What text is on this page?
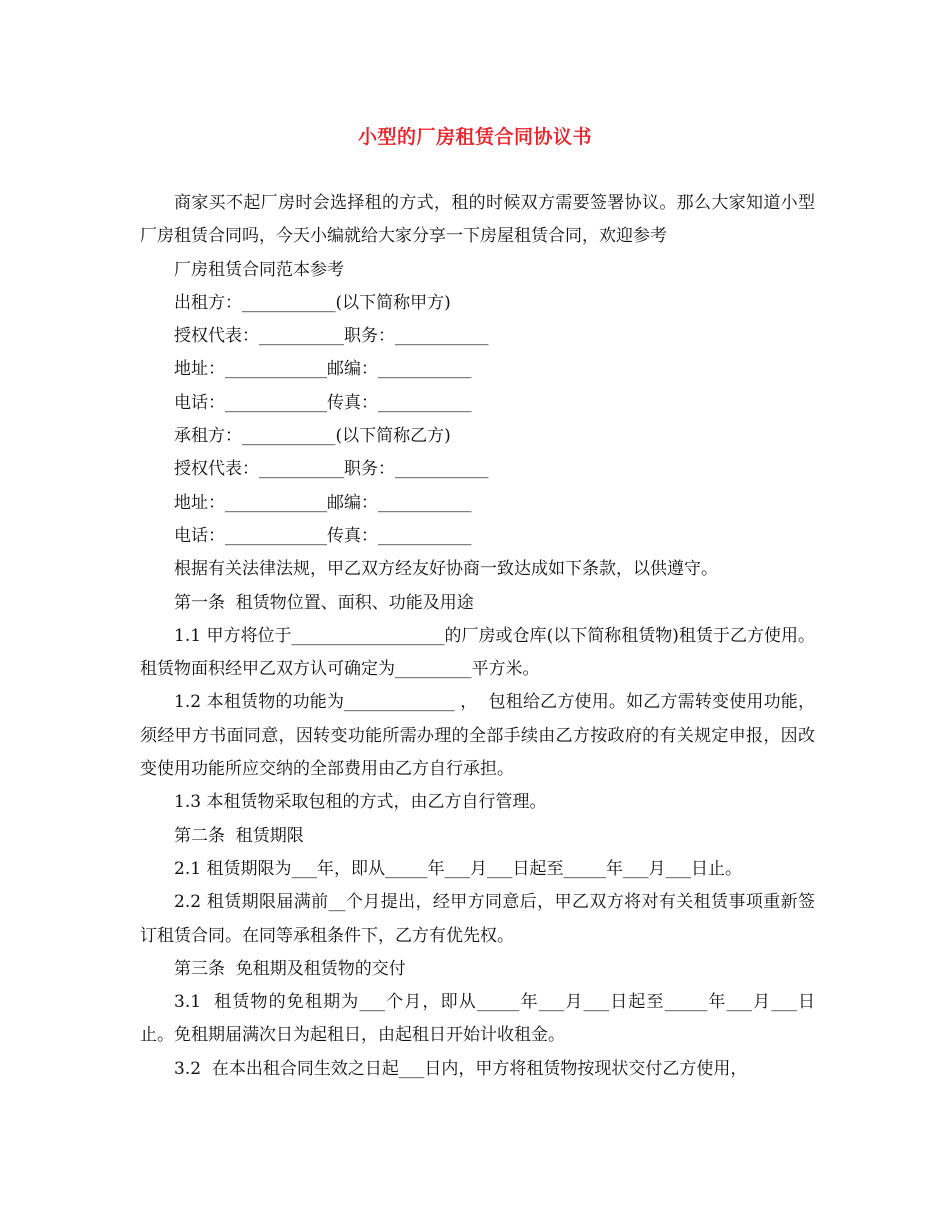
小型的厂房租赁合同协议书

商家买不起厂房时会选择租的方式，租的时候双方需要签署协议。那么大家知道小型厂房租赁合同吗，今天小编就给大家分享一下房屋租赁合同，欢迎参考

厂房租赁合同范本参考

出租方：___________(以下简称甲方)

授权代表：__________职务：___________

地址：____________邮编：___________

电话：____________传真：___________

承租方：___________(以下简称乙方)

授权代表：__________职务：___________

地址：____________邮编：___________

电话：____________传真：___________

根据有关法律法规，甲乙双方经友好协商一致达成如下条款，以供遵守。

第一条  租赁物位置、面积、功能及用途

1.1 甲方将位于__________________的厂房或仓库(以下简称租赁物)租赁于乙方使用。租赁物面积经甲乙双方认可确定为_________平方米。

1.2 本租赁物的功能为_____________ ，  包租给乙方使用。如乙方需转变使用功能，须经甲方书面同意，因转变功能所需办理的全部手续由乙方按政府的有关规定申报，因改变使用功能所应交纳的全部费用由乙方自行承担。

1.3 本租赁物采取包租的方式，由乙方自行管理。

第二条  租赁期限

2.1 租赁期限为___年，即从_____年___月___日起至_____年___月___日止。

2.2 租赁期限届满前__个月提出，经甲方同意后，甲乙双方将对有关租赁事项重新签订租赁合同。在同等承租条件下，乙方有优先权。

第三条  免租期及租赁物的交付

3.1  租赁物的免租期为___个月，即从_____年___月___日起至_____年___月___日止。免租期届满次日为起租日，由起租日开始计收租金。

3.2  在本出租合同生效之日起___日内，甲方将租赁物按现状交付乙方使用，
